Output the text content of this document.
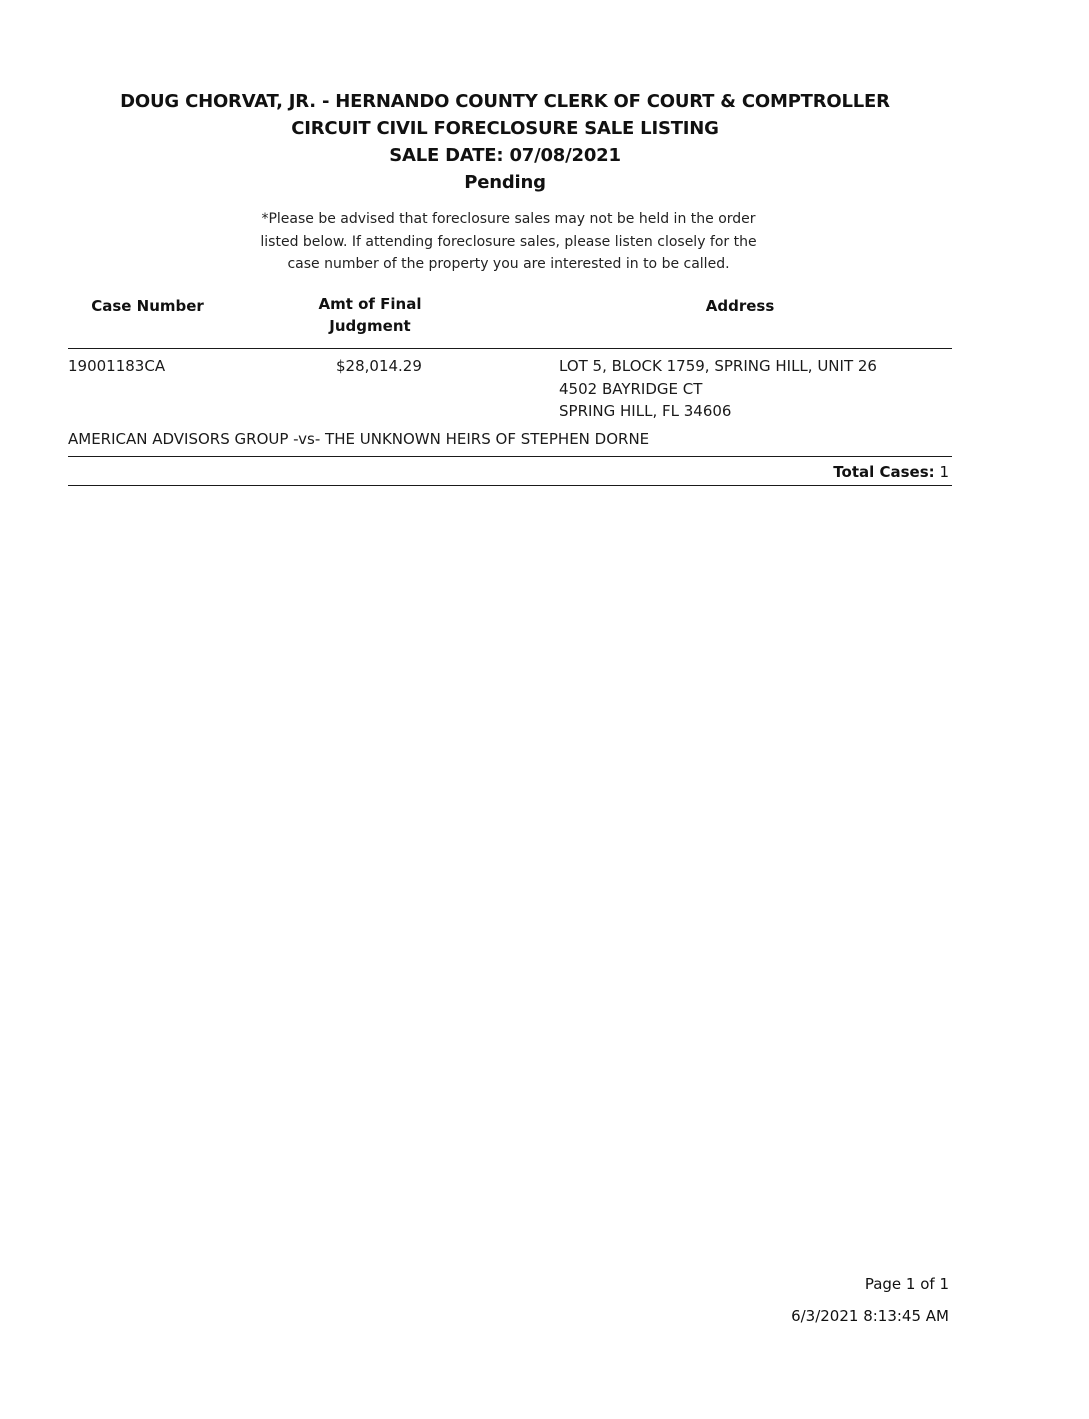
DOUG CHORVAT, JR. - HERNANDO COUNTY CLERK OF COURT & COMPTROLLER
CIRCUIT CIVIL FORECLOSURE SALE LISTING
SALE DATE: 07/08/2021
Pending
*Please be advised that foreclosure sales may not be held in the order
listed below. If attending foreclosure sales, please listen closely for the
case number of the property you are interested in to be called.
Case Number	Amt of Final
Judgment
Address
19001183CA	$28,014.29	LOT 5, BLOCK 1759, SPRING HILL, UNIT 26
4502 BAYRIDGE CT
SPRING HILL, FL 34606
AMERICAN ADVISORS GROUP -vs- THE UNKNOWN HEIRS OF STEPHEN DORNE
Total Cases: 1
Page 1 of 1
6/3/2021 8:13:45 AM
